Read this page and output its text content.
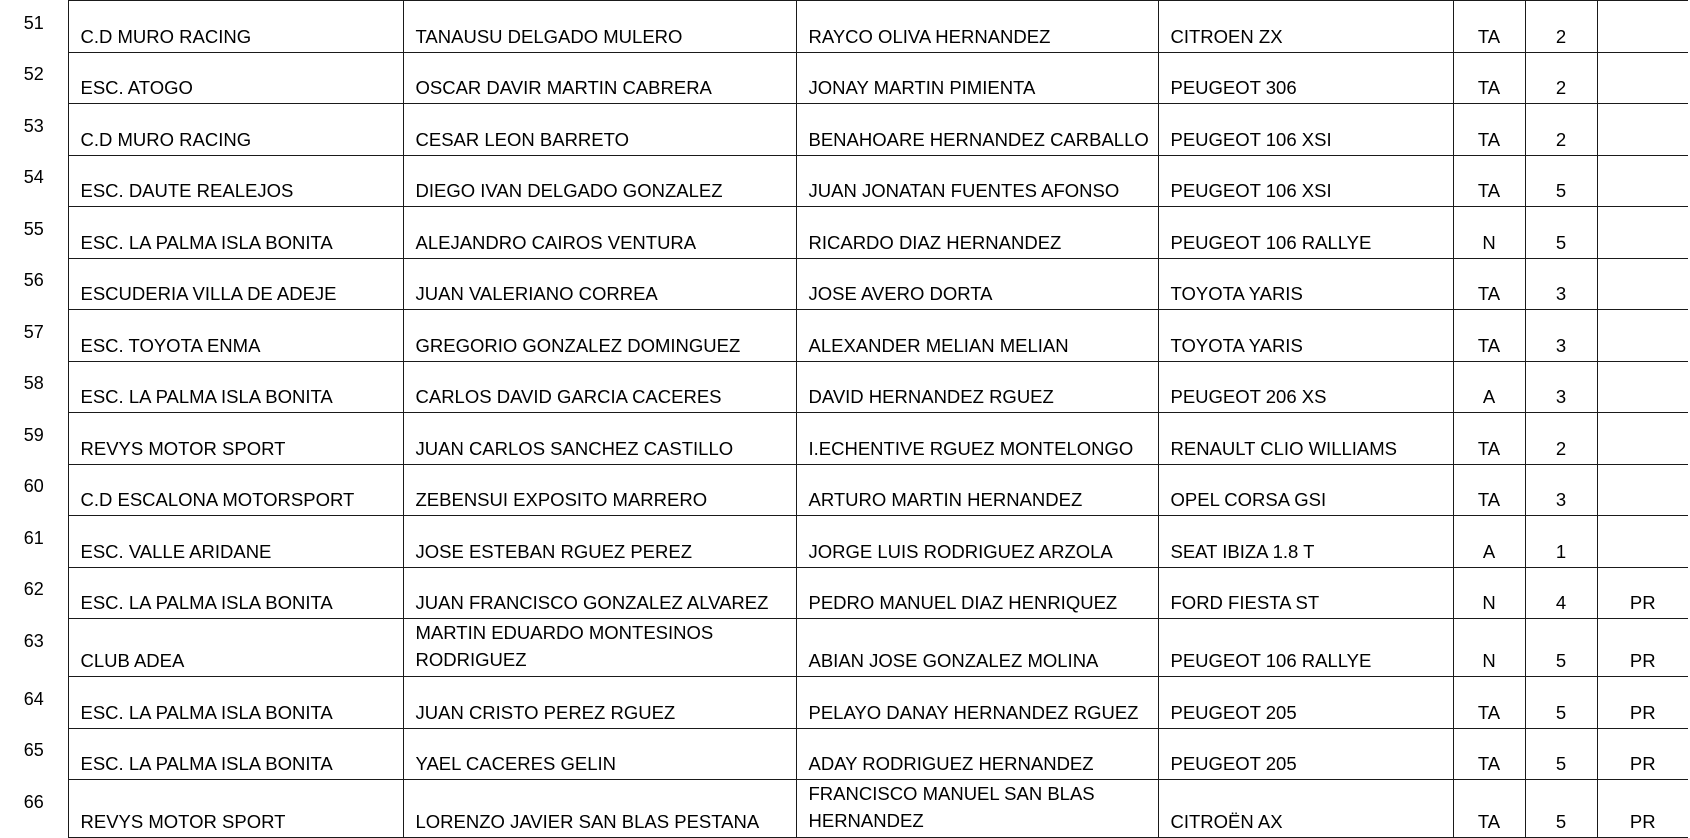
51	C.D MURO RACING	TANAUSU DELGADO MULERO	RAYCO OLIVA HERNANDEZ	CITROEN ZX	TA	2	
52	ESC. ATOGO	OSCAR DAVIR MARTIN CABRERA	JONAY MARTIN PIMIENTA	PEUGEOT 306	TA	2	
53	C.D MURO RACING	CESAR LEON BARRETO	BENAHOARE HERNANDEZ CARBALLO	PEUGEOT 106 XSI	TA	2	
54	ESC. DAUTE REALEJOS	DIEGO IVAN DELGADO GONZALEZ	JUAN JONATAN FUENTES AFONSO	PEUGEOT 106 XSI	TA	5	
55	ESC. LA PALMA ISLA BONITA	ALEJANDRO CAIROS VENTURA	RICARDO DIAZ HERNANDEZ	PEUGEOT 106 RALLYE	N	5	
56	ESCUDERIA VILLA DE ADEJE	JUAN VALERIANO CORREA	JOSE AVERO DORTA	TOYOTA YARIS	TA	3	
57	ESC. TOYOTA ENMA	GREGORIO GONZALEZ DOMINGUEZ	ALEXANDER MELIAN MELIAN	TOYOTA YARIS	TA	3	
58	ESC. LA PALMA ISLA BONITA	CARLOS DAVID GARCIA CACERES	DAVID HERNANDEZ RGUEZ	PEUGEOT 206 XS	A	3	
59	REVYS MOTOR SPORT	JUAN CARLOS SANCHEZ CASTILLO	I.ECHENTIVE RGUEZ MONTELONGO	RENAULT CLIO WILLIAMS	TA	2	
60	C.D ESCALONA MOTORSPORT	ZEBENSUI EXPOSITO MARRERO	ARTURO MARTIN HERNANDEZ	OPEL CORSA GSI	TA	3	
61	ESC. VALLE ARIDANE	JOSE ESTEBAN RGUEZ PEREZ	JORGE LUIS RODRIGUEZ ARZOLA	SEAT IBIZA 1.8 T	A	1	
62	ESC. LA PALMA ISLA BONITA	JUAN FRANCISCO GONZALEZ ALVAREZ	PEDRO MANUEL DIAZ HENRIQUEZ	FORD FIESTA ST	N	4	PR
63	CLUB ADEA	MARTIN EDUARDO MONTESINOS RODRIGUEZ	ABIAN JOSE GONZALEZ MOLINA	PEUGEOT 106 RALLYE	N	5	PR
64	ESC. LA PALMA ISLA BONITA	JUAN CRISTO PEREZ RGUEZ	PELAYO DANAY HERNANDEZ RGUEZ	PEUGEOT 205	TA	5	PR
65	ESC. LA PALMA ISLA BONITA	YAEL CACERES GELIN	ADAY RODRIGUEZ HERNANDEZ	PEUGEOT 205	TA	5	PR
66	REVYS MOTOR SPORT	LORENZO JAVIER SAN BLAS PESTANA	FRANCISCO MANUEL SAN BLAS HERNANDEZ	CITROËN AX	TA	5	PR
